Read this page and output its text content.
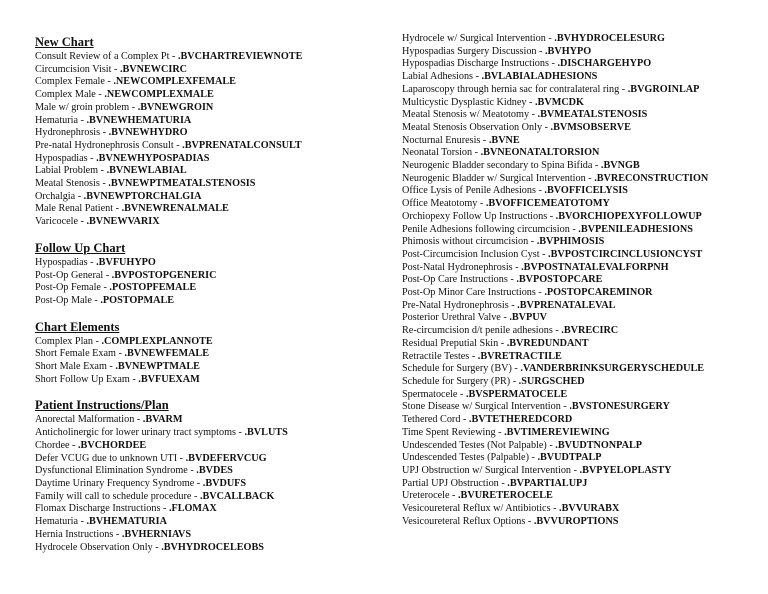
New Chart
Consult Review of a Complex Pt - .BVCHARTREVIEWNOTE
Circumcision Visit - .BVNEWCIRC
Complex Female - .NEWCOMPLEXFEMALE
Complex Male - .NEWCOMPLEXMALE
Male w/ groin problem - .BVNEWGROIN
Hematuria - .BVNEWHEMATURIA
Hydronephrosis - .BVNEWHYDRO
Pre-natal Hydronephrosis Consult - .BVPRENATALCONSULT
Hypospadias - .BVNEWHYPOSPADIAS
Labial Problem - .BVNEWLABIAL
Meatal Stenosis - .BVNEWPTMEATALSTENOSIS
Orchalgia - .BVNEWPTORCHALGIA
Male Renal Patient - .BVNEWRENALMALE
Varicocele - .BVNEWVARIX
Follow Up Chart
Hypospadias - .BVFUHYPO
Post-Op General - .BVPOSTOPGENERIC
Post-Op Female - .POSTOPFEMALE
Post-Op Male - .POSTOPMALE
Chart Elements
Complex Plan - .COMPLEXPLANNOTE
Short Female Exam - .BVNEWFEMALE
Short Male Exam - .BVNEWPTMALE
Short Follow Up Exam - .BVFUEXAM
Patient Instructions/Plan
Anorectal Malformation - .BVARM
Anticholinergic for lower urinary tract symptoms - .BVLUTS
Chordee - .BVCHORDEE
Defer VCUG due to unknown UTI - .BVDEFERVCUG
Dysfunctional Elimination Syndrome - .BVDES
Daytime Urinary Frequency Syndrome - .BVDUFS
Family will call to schedule procedure - .BVCALLBACK
Flomax Discharge Instructions - .FLOMAX
Hematuria - .BVHEMATURIA
Hernia Instructions - .BVHERNIAVS
Hydrocele Observation Only - .BVHYDROCELEOBS
Hydrocele w/ Surgical Intervention - .BVHYDROCELESURG
Hypospadias Surgery Discussion - .BVHYPO
Hypospadias Discharge Instructions - .DISCHARGEHYPO
Labial Adhesions - .BVLABIALADHESIONS
Laparoscopy through hernia sac for contralateral ring - .BVGROINLAP
Multicystic Dysplastic Kidney - .BVMCDK
Meatal Stenosis w/ Meatotomy - .BVMEATALSTENOSIS
Meatal Stenosis Observation Only - .BVMSOBSERVE
Nocturnal Enuresis - .BVNE
Neonatal Torsion - .BVNEONATALTORSION
Neurogenic Bladder secondary to Spina Bifida - .BVNGB
Neurogenic Bladder w/ Surgical Intervention - .BVRECONSTRUCTION
Office Lysis of Penile Adhesions - .BVOFFICELYSIS
Office Meatotomy - .BVOFFICEMEATOTOMY
Orchiopexy Follow Up Instructions - .BVORCHIOPEXYFOLLOWUP
Penile Adhesions following circumcision - .BVPENILEADHESIONS
Phimosis without circumcision - .BVPHIMOSIS
Post-Circumcision Inclusion Cyst - .BVPOSTCIRCINCLUSIONCYST
Post-Natal Hydronephrosis - .BVPOSTNATALEVALFORPNH
Post-Op Care Instructions - .BVPOSTOPCARE
Post-Op Minor Care Instructions - .POSTOPCAREMINOR
Pre-Natal Hydronephrosis - .BVPRENATALEVAL
Posterior Urethral Valve - .BVPUV
Re-circumcision d/t penile adhesions - .BVRECIRC
Residual Preputial Skin - .BVREDUNDANT
Retractile Testes - .BVRETRACTILE
Schedule for Surgery (BV) - .VANDERBRINKSURGERYSCHEDULE
Schedule for Surgery (PR) - .SURGSCHED
Spermatocele - .BVSPERMATOCELE
Stone Disease w/ Surgical Intervention - .BVSTONESURGERY
Tethered Cord - .BVTETHEREDCORD
Time Spent Reviewing - .BVTIMEREVIEWING
Undescended Testes (Not Palpable) - .BVUDTNONPALP
Undescended Testes (Palpable) - .BVUDTPALP
UPJ Obstruction w/ Surgical Intervention - .BVPYELOPLASTY
Partial UPJ Obstruction - .BVPARTIALUPJ
Ureterocele - .BVURETEROCELE
Vesicoureteral Reflux w/ Antibiotics - .BVVURABX
Vesicoureteral Reflux Options - .BVVUROPTIONS
